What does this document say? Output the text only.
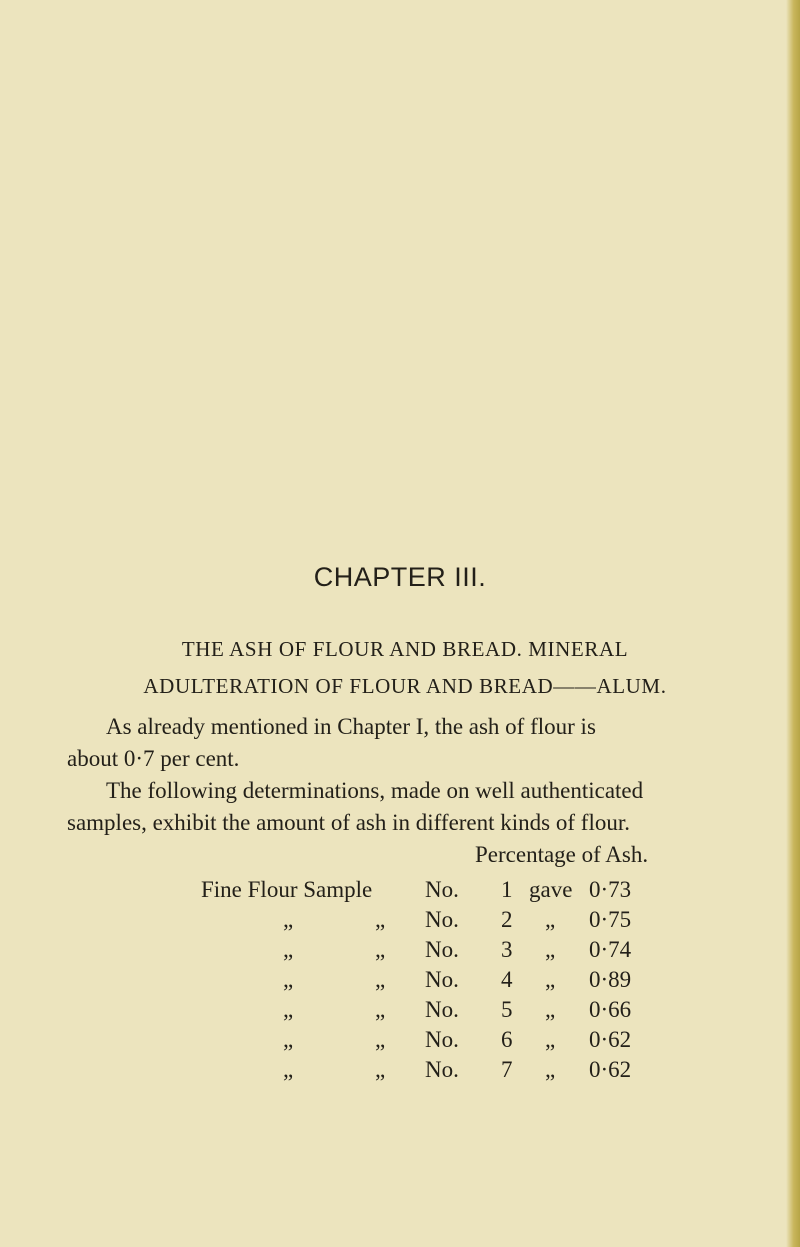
CHAPTER III.
THE ASH OF FLOUR AND BREAD. MINERAL
ADULTERATION OF FLOUR AND BREAD——ALUM.
As already mentioned in Chapter I, the ash of flour is
about 0·7 per cent.
The following determinations, made on well authenticated
samples, exhibit the amount of ash in different kinds of flour.
Percentage of Ash.
Fine Flour Sample No. 1 gave 0·73
„	„ No. 2 „ 0·75
„	„ No. 3 „ 0·74
„	„ No. 4 „ 0·89
„	„ No. 5 „ 0·66
„	„ No. 6 „ 0·62
„	„ No. 7 „ 0·62
